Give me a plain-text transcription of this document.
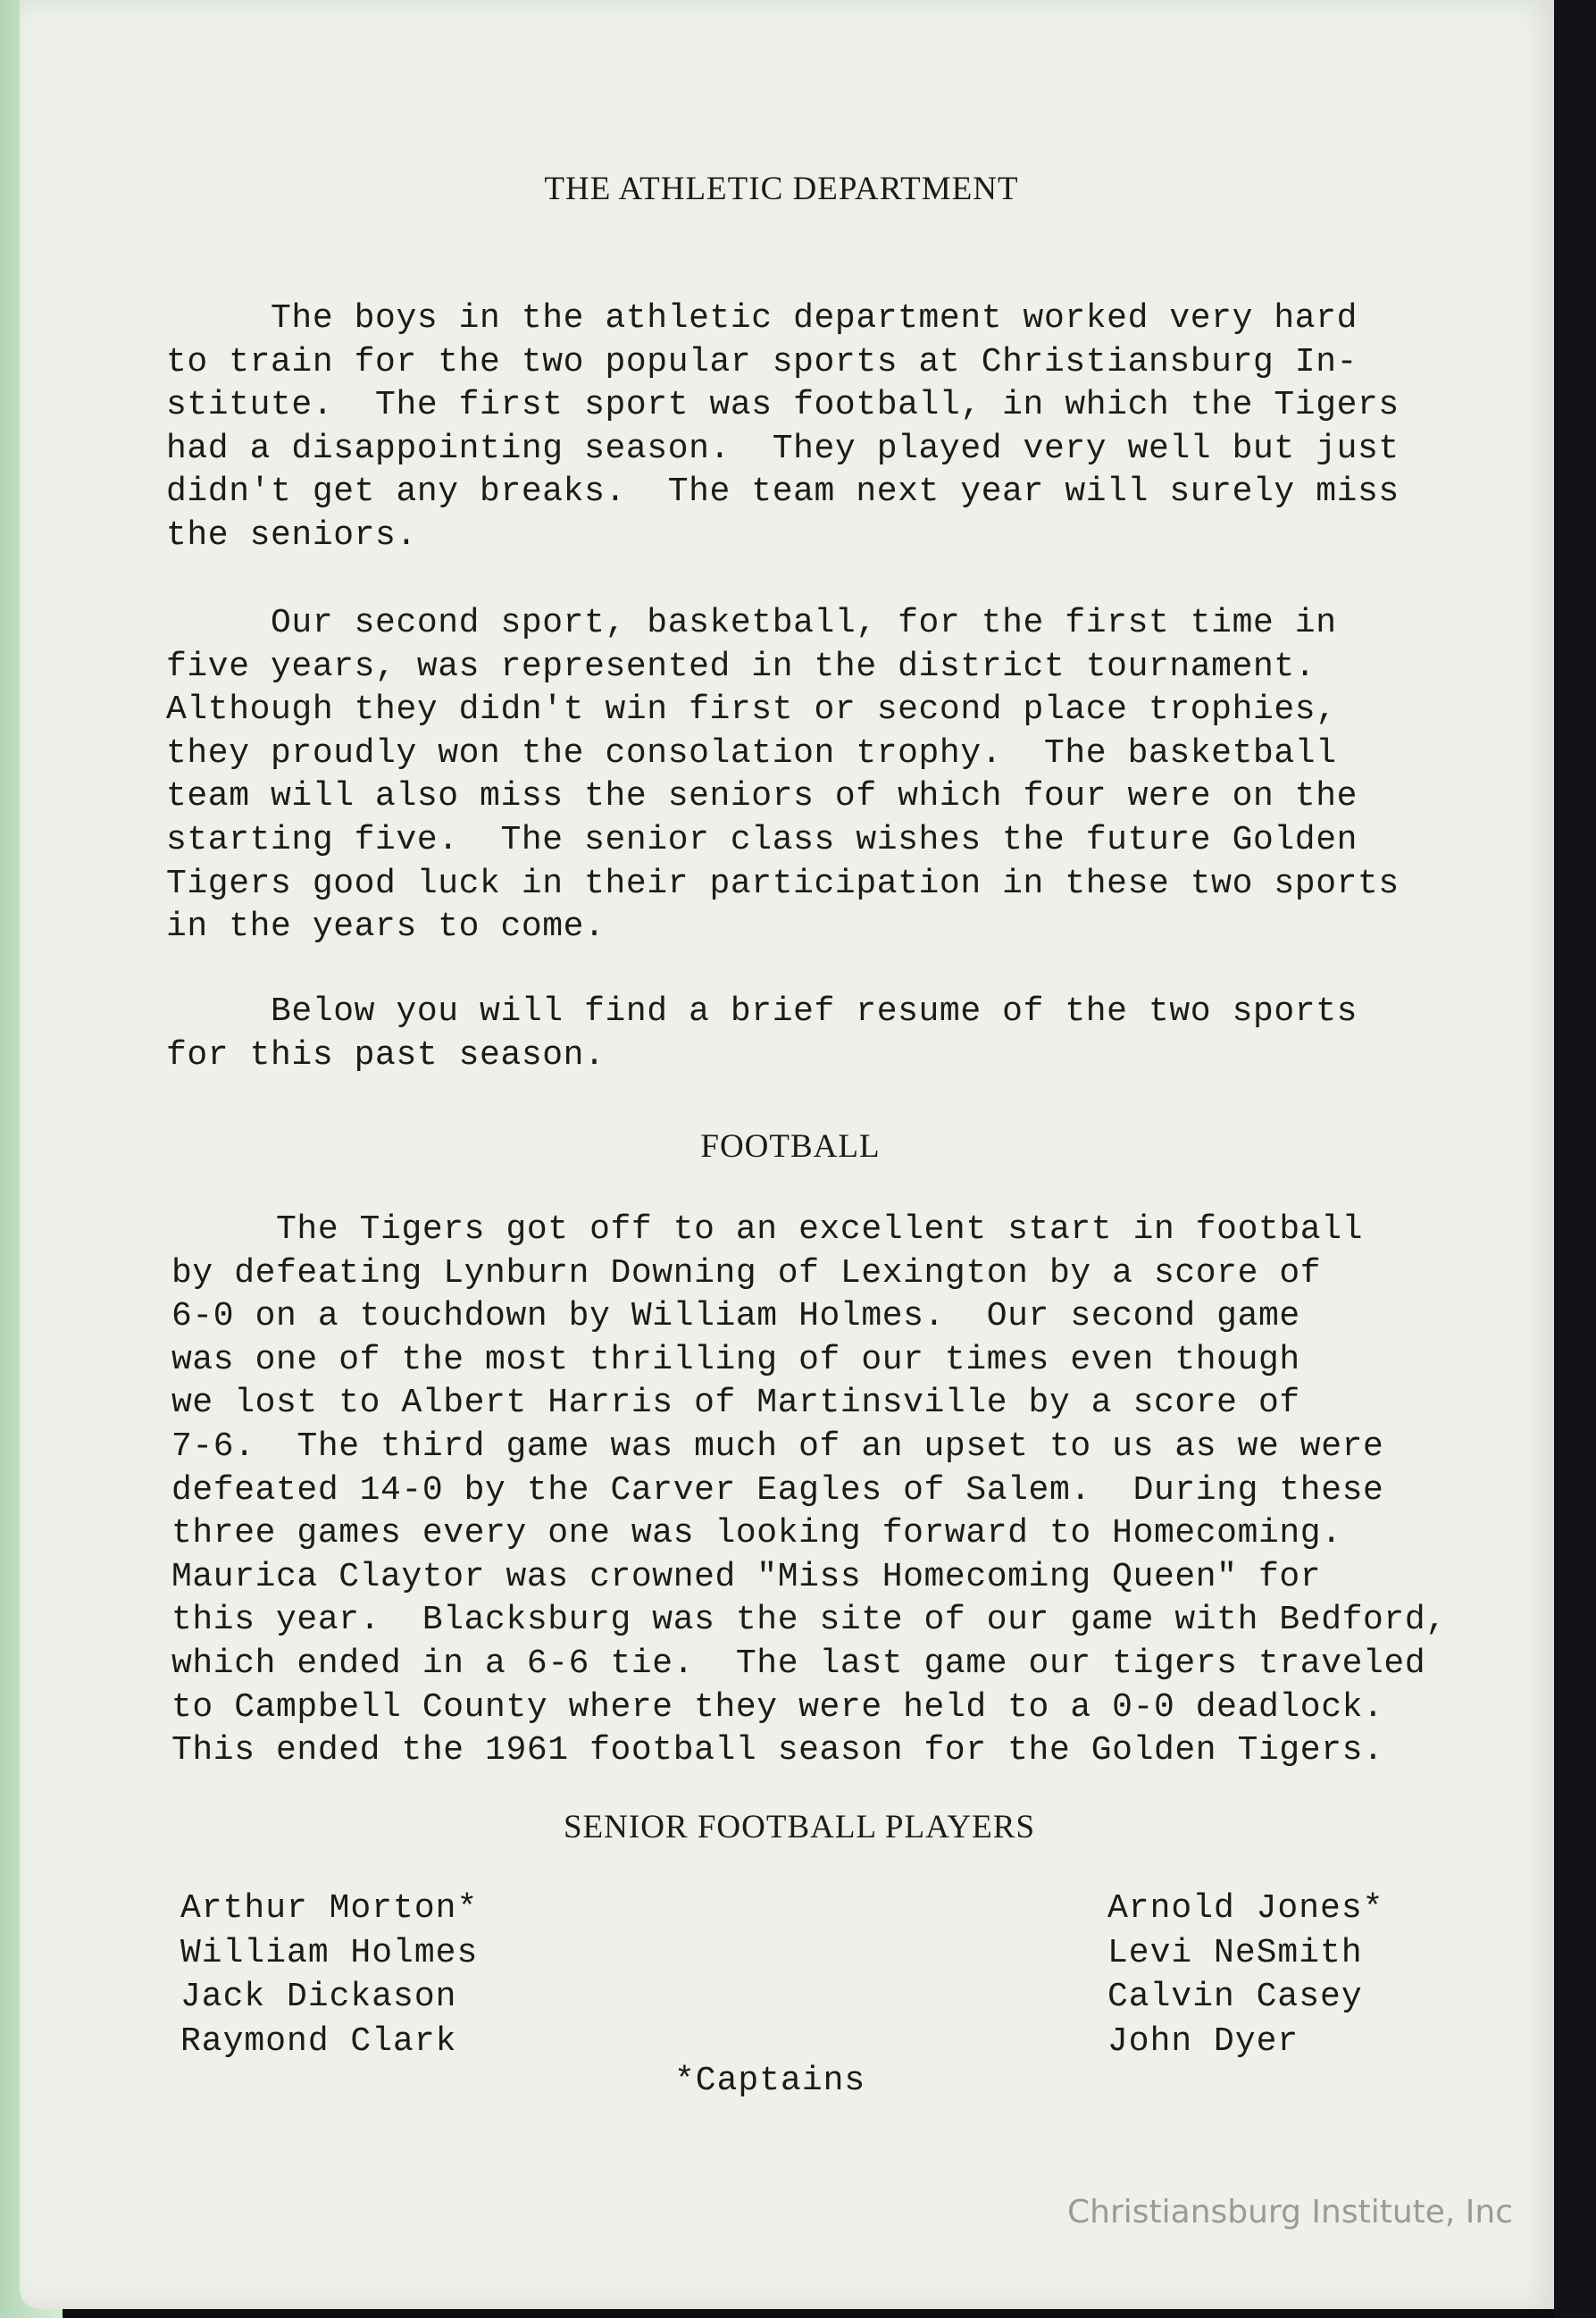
THE ATHLETIC DEPARTMENT

The boys in the athletic department worked very hard
to train for the two popular sports at Christiansburg In-
stitute.  The first sport was football, in which the Tigers
had a disappointing season.  They played very well but just
didn't get any breaks.  The team next year will surely miss
the seniors.

Our second sport, basketball, for the first time in
five years, was represented in the district tournament.
Although they didn't win first or second place trophies,
they proudly won the consolation trophy.  The basketball
team will also miss the seniors of which four were on the
starting five.  The senior class wishes the future Golden
Tigers good luck in their participation in these two sports
in the years to come.

Below you will find a brief resume of the two sports
for this past season.

FOOTBALL

The Tigers got off to an excellent start in football
by defeating Lynburn Downing of Lexington by a score of
6-0 on a touchdown by William Holmes.  Our second game
was one of the most thrilling of our times even though
we lost to Albert Harris of Martinsville by a score of
7-6.  The third game was much of an upset to us as we were
defeated 14-0 by the Carver Eagles of Salem.  During these
three games every one was looking forward to Homecoming.
Maurica Claytor was crowned "Miss Homecoming Queen" for
this year.  Blacksburg was the site of our game with Bedford,
which ended in a 6-6 tie.  The last game our tigers traveled
to Campbell County where they were held to a 0-0 deadlock.
This ended the 1961 football season for the Golden Tigers.

SENIOR FOOTBALL PLAYERS
Arthur Morton*
William Holmes
Jack Dickason
Raymond Clark
Arnold Jones*
Levi NeSmith
Calvin Casey
John Dyer
*Captains
Christiansburg Institute, Inc
